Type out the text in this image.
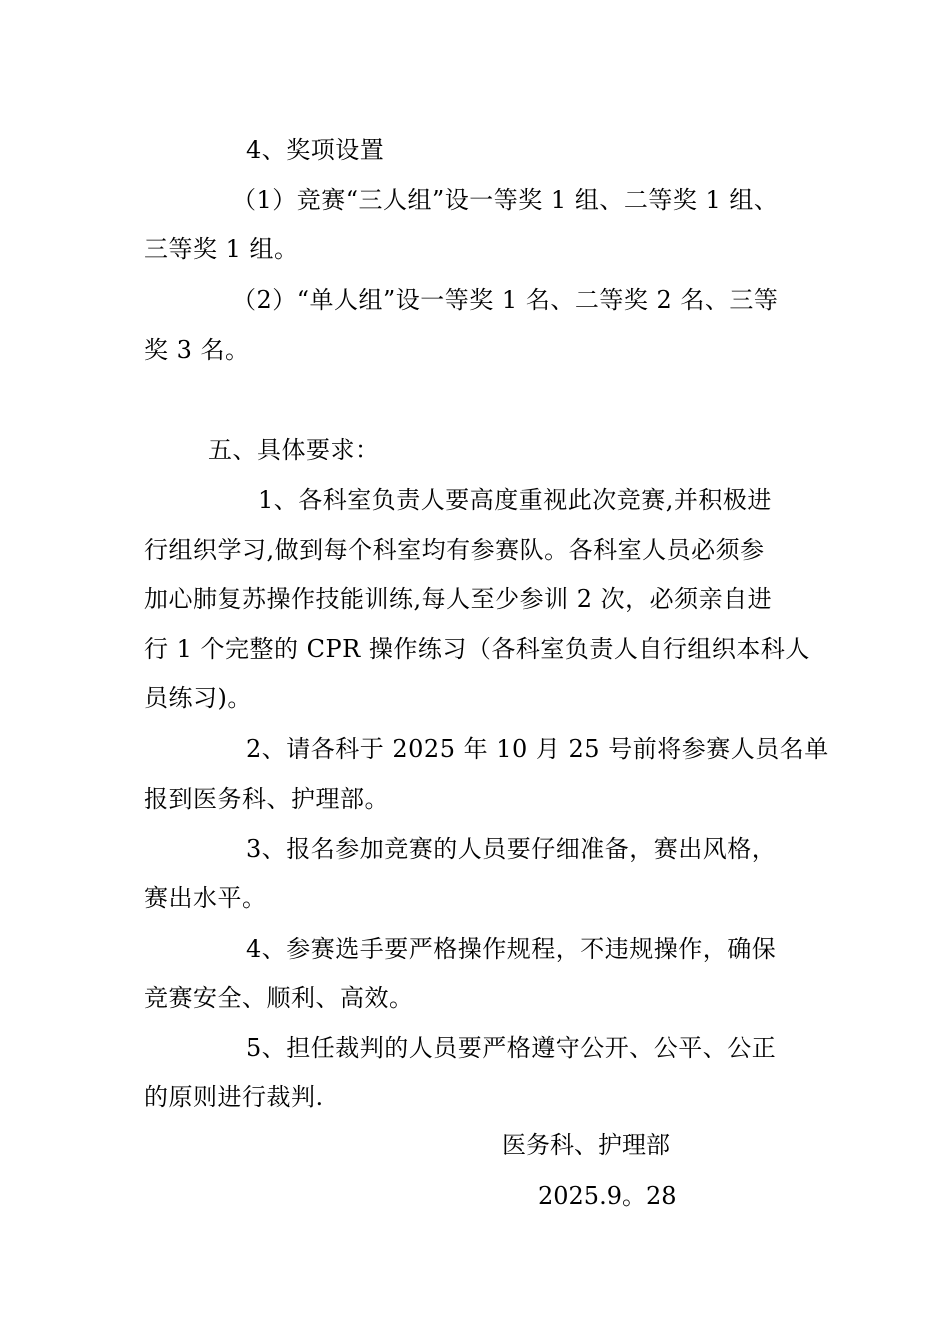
4、奖项设置
（1）竞赛“三人组”设一等奖 1 组、二等奖 1 组、
三等奖 1 组。
（2）“单人组”设一等奖 1 名、二等奖 2 名、三等
奖 3 名。
五、具体要求：
1、各科室负责人要高度重视此次竞赛,并积极进
行组织学习,做到每个科室均有参赛队。各科室人员必须参
加心肺复苏操作技能训练,每人至少参训 2 次，必须亲自进
行 1 个完整的 CPR 操作练习（各科室负责人自行组织本科人
员练习)。
2、请各科于 2025 年 10 月 25 号前将参赛人员名单
报到医务科、护理部。
3、报名参加竞赛的人员要仔细准备，赛出风格，
赛出水平。
4、参赛选手要严格操作规程，不违规操作，确保
竞赛安全、顺利、高效。
5、担任裁判的人员要严格遵守公开、公平、公正
的原则进行裁判.
医务科、护理部
2025.9。28
